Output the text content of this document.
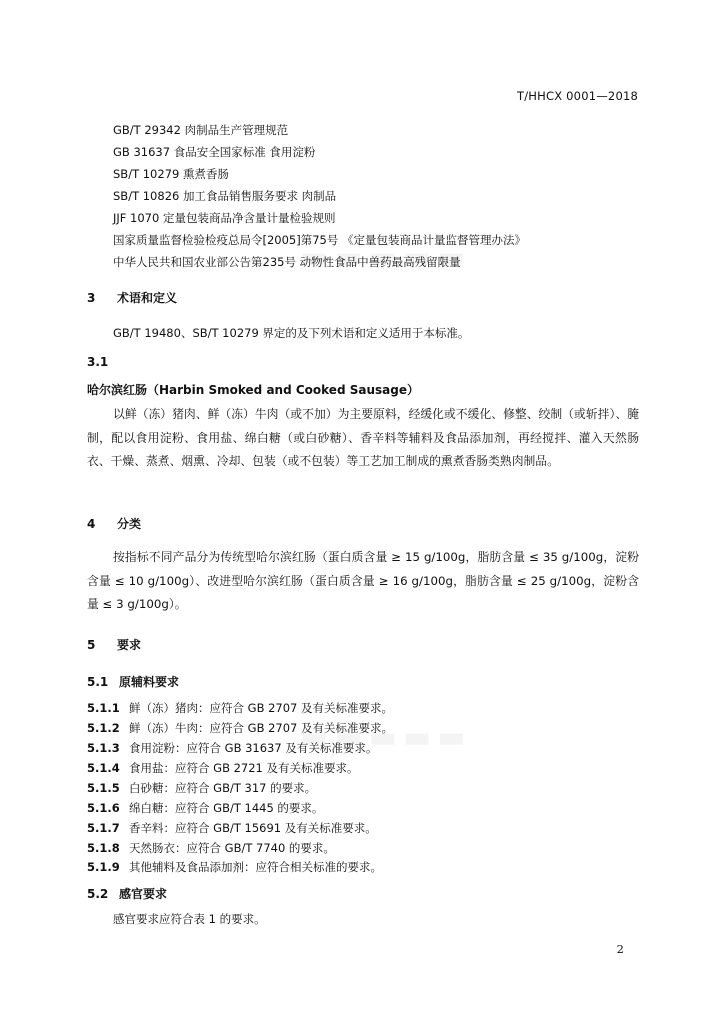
T/HHCX 0001—2018
GB/T 29342 肉制品生产管理规范
GB 31637 食品安全国家标准 食用淀粉
SB/T 10279 熏煮香肠
SB/T 10826 加工食品销售服务要求 肉制品
JJF 1070 定量包装商品净含量计量检验规则
国家质量监督检验检疫总局令[2005]第75号 《定量包装商品计量监督管理办法》
中华人民共和国农业部公告第235号 动物性食品中兽药最高残留限量
3 术语和定义
GB/T 19480、SB/T 10279 界定的及下列术语和定义适用于本标准。
3.1
哈尔滨红肠（Harbin Smoked and Cooked Sausage）
以鲜（冻）猪肉、鲜（冻）牛肉（或不加）为主要原料，经缓化或不缓化、修整、绞制（或斩拌）、腌制，配以食用淀粉、食用盐、绵白糖（或白砂糖）、香辛料等辅料及食品添加剂，再经搅拌、灌入天然肠衣、干燥、蒸煮、烟熏、冷却、包装（或不包装）等工艺加工制成的熏煮香肠类熟肉制品。
4 分类
按指标不同产品分为传统型哈尔滨红肠（蛋白质含量 ≥ 15 g/100g，脂肪含量 ≤ 35 g/100g，淀粉含量 ≤ 10 g/100g）、改进型哈尔滨红肠（蛋白质含量 ≥ 16 g/100g，脂肪含量 ≤ 25 g/100g，淀粉含量 ≤ 3 g/100g）。
5 要求
5.1 原辅料要求
5.1.1 鲜（冻）猪肉：应符合 GB 2707 及有关标准要求。
5.1.2 鲜（冻）牛肉：应符合 GB 2707 及有关标准要求。
5.1.3 食用淀粉：应符合 GB 31637 及有关标准要求。
5.1.4 食用盐：应符合 GB 2721 及有关标准要求。
5.1.5 白砂糖：应符合 GB/T 317 的要求。
5.1.6 绵白糖：应符合 GB/T 1445 的要求。
5.1.7 香辛料：应符合 GB/T 15691 及有关标准要求。
5.1.8 天然肠衣：应符合 GB/T 7740 的要求。
5.1.9 其他辅料及食品添加剂：应符合相关标准的要求。
5.2 感官要求
感官要求应符合表 1 的要求。
2
